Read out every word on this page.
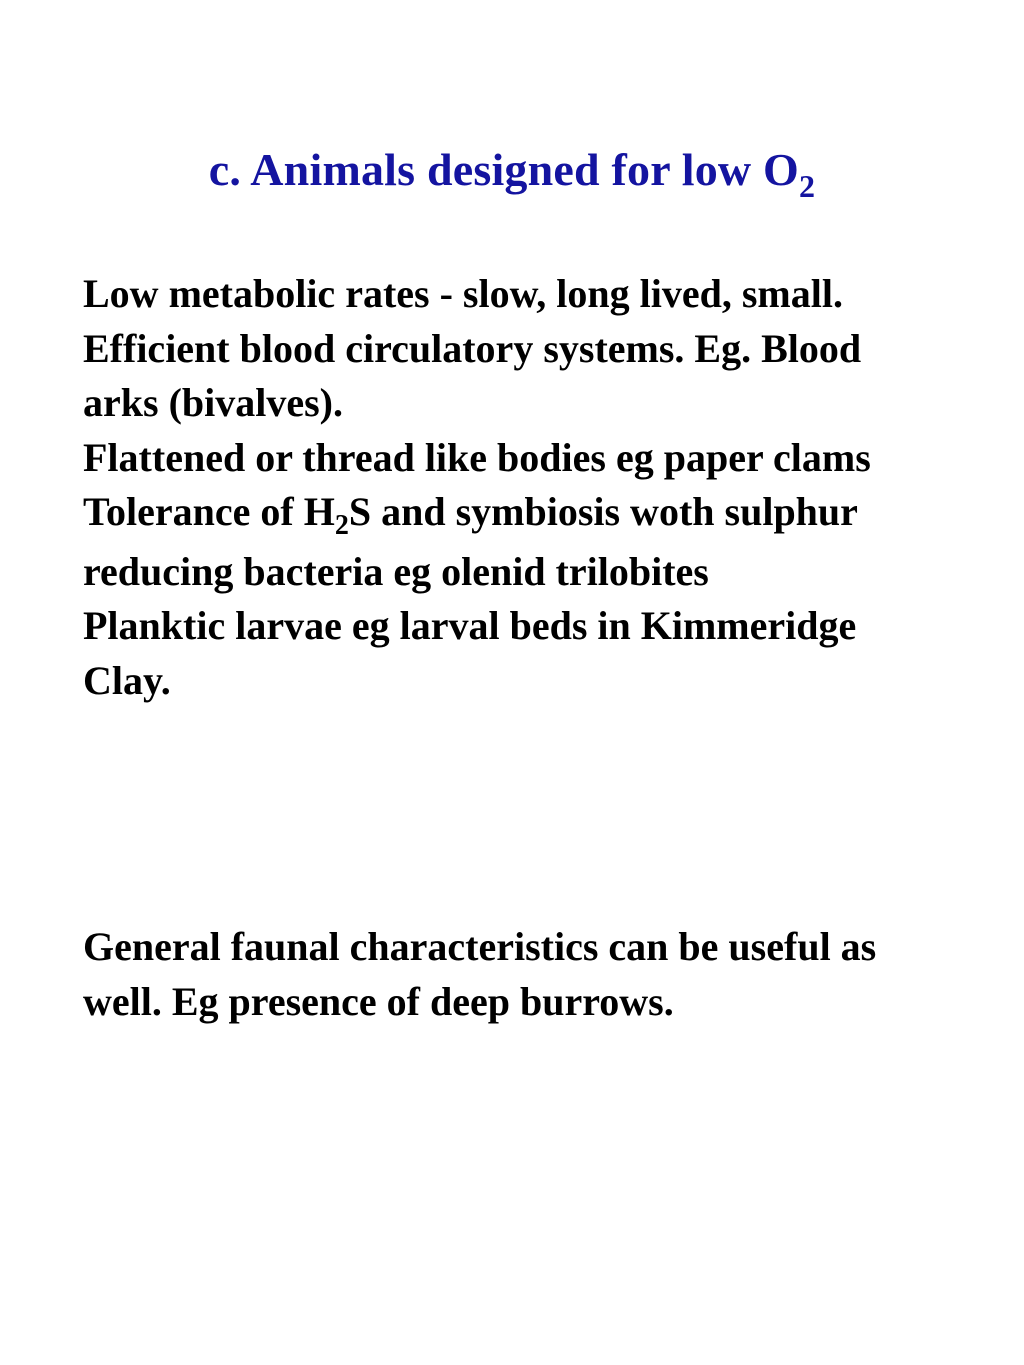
c. Animals designed for low $O_2$

Low metabolic rates - slow, long lived, small.

Efficient blood circulatory systems. Eg. Blood arks (bivalves).

Flattened or thread like bodies eg paper clams

Tolerance of $H_2S$ and symbiosis woth sulphur reducing bacteria eg olenid trilobites

Planktic larvae eg larval beds in Kimmeridge Clay.

General faunal characteristics can be useful as well. Eg presence of deep burrows.
